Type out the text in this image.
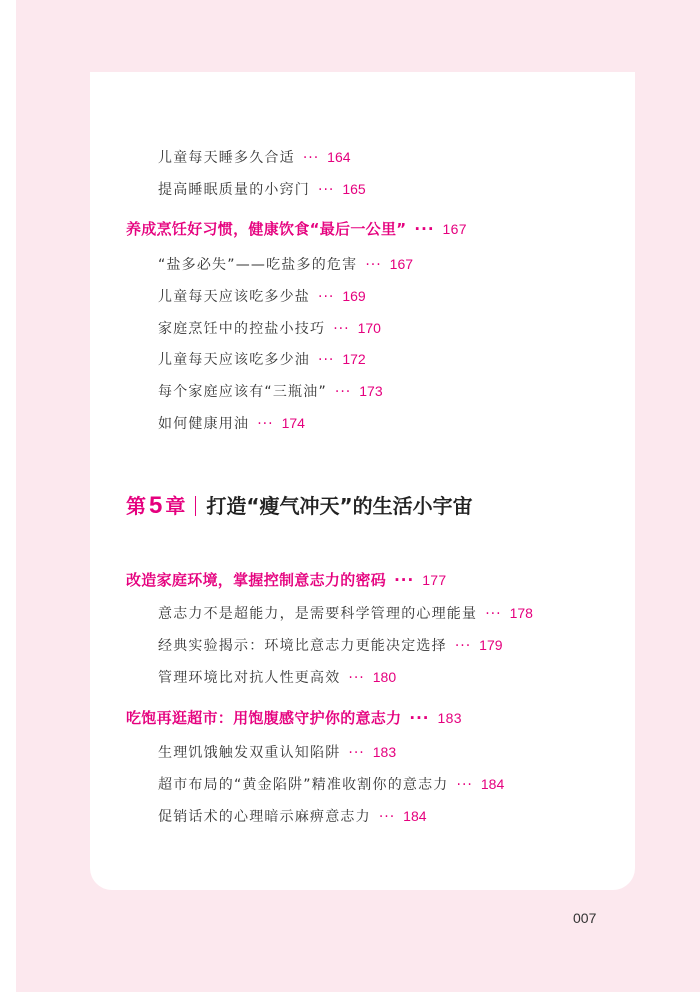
儿童每天睡多久合适 ··· 164
提高睡眠质量的小窍门 ··· 165
养成烹饪好习惯，健康饮食“最后一公里” ··· 167
“盐多必失”——吃盐多的危害 ··· 167
儿童每天应该吃多少盐 ··· 169
家庭烹饪中的控盐小技巧 ··· 170
儿童每天应该吃多少油 ··· 172
每个家庭应该有“三瓶油” ··· 173
如何健康用油 ··· 174
第 5 章 打造“瘦气冲天”的生活小宇宙
改造家庭环境，掌握控制意志力的密码 ··· 177
意志力不是超能力，是需要科学管理的心理能量 ··· 178
经典实验揭示：环境比意志力更能决定选择 ··· 179
管理环境比对抗人性更高效 ··· 180
吃饱再逛超市：用饱腹感守护你的意志力 ··· 183
生理饥饿触发双重认知陷阱 ··· 183
超市布局的“黄金陷阱”精准收割你的意志力 ··· 184
促销话术的心理暗示麻痹意志力 ··· 184
007
